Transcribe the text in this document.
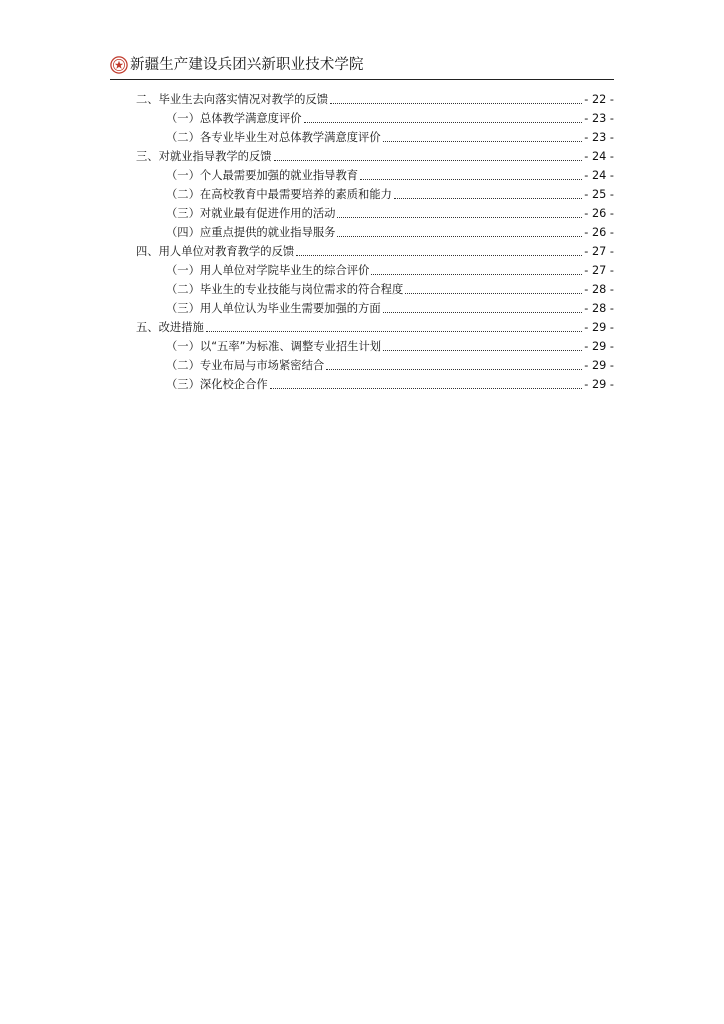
新疆生产建设兵团兴新职业技术学院
二、毕业生去向落实情况对教学的反馈	- 22 -
（一）总体教学满意度评价	- 23 -
（二）各专业毕业生对总体教学满意度评价	- 23 -
三、对就业指导教学的反馈	- 24 -
（一）个人最需要加强的就业指导教育	- 24 -
（二）在高校教育中最需要培养的素质和能力	- 25 -
（三）对就业最有促进作用的活动	- 26 -
（四）应重点提供的就业指导服务	- 26 -
四、用人单位对教育教学的反馈	- 27 -
（一）用人单位对学院毕业生的综合评价	- 27 -
（二）毕业生的专业技能与岗位需求的符合程度	- 28 -
（三）用人单位认为毕业生需要加强的方面	- 28 -
五、改进措施	- 29 -
（一）以“五率”为标准、调整专业招生计划	- 29 -
（二）专业布局与市场紧密结合	- 29 -
（三）深化校企合作	- 29 -
